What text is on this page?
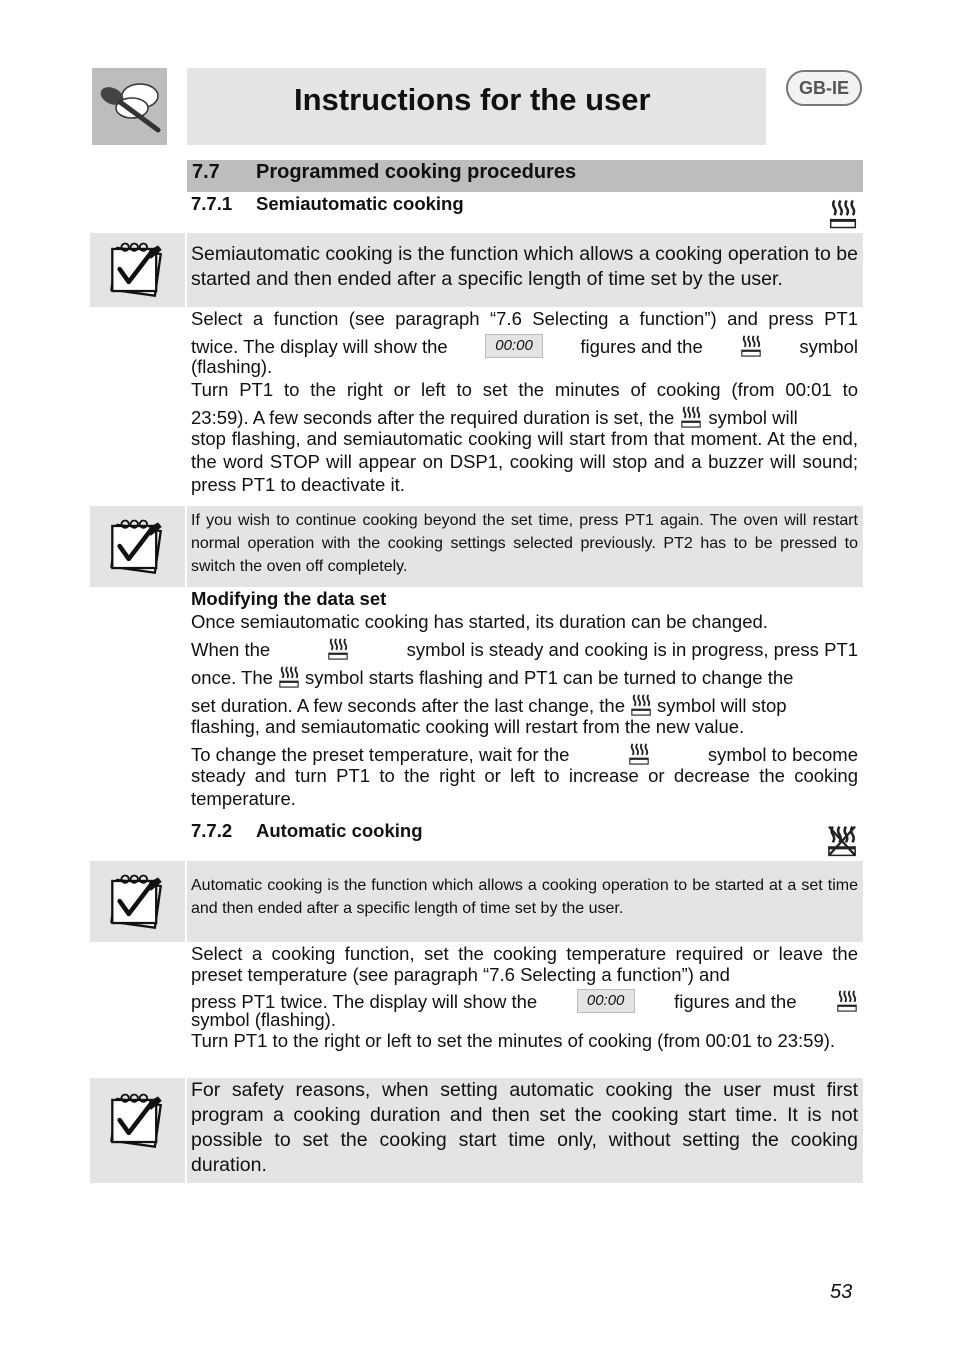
Instructions for the user	GB-IE
7.7 Programmed cooking procedures
7.7.1 Semiautomatic cooking
Semiautomatic cooking is the function which allows a cooking operation to be started and then ended after a specific length of time set by the user.
Select a function (see paragraph “7.6 Selecting a function”) and press PT1
twice. The display will show the	00:00	figures and the	symbol
(flashing).
Turn PT1 to the right or left to set the minutes of cooking (from 00:01 to
23:59). A few seconds after the required duration is set, the symbol will
stop flashing, and semiautomatic cooking will start from that moment. At the end, the word STOP will appear on DSP1, cooking will stop and a buzzer will sound; press PT1 to deactivate it.
If you wish to continue cooking beyond the set time, press PT1 again. The oven will restart normal operation with the cooking settings selected previously. PT2 has to be pressed to switch the oven off completely.
Modifying the data set
Once semiautomatic cooking has started, its duration can be changed.
When the	symbol is steady and cooking is in progress, press PT1
once. The symbol starts flashing and PT1 can be turned to change the
set duration. A few seconds after the last change, the symbol will stop
flashing, and semiautomatic cooking will restart from the new value.
To change the preset temperature, wait for the	symbol to become
steady and turn PT1 to the right or left to increase or decrease the cooking temperature.
7.7.2 Automatic cooking
Automatic cooking is the function which allows a cooking operation to be started at a set time and then ended after a specific length of time set by the user.
Select a cooking function, set the cooking temperature required or leave the preset temperature (see paragraph “7.6 Selecting a function”) and
press PT1 twice. The display will show the	00:00	figures and the
symbol (flashing).
Turn PT1 to the right or left to set the minutes of cooking (from 00:01 to 23:59).
For safety reasons, when setting automatic cooking the user must first program a cooking duration and then set the cooking start time. It is not possible to set the cooking start time only, without setting the cooking duration.
53
